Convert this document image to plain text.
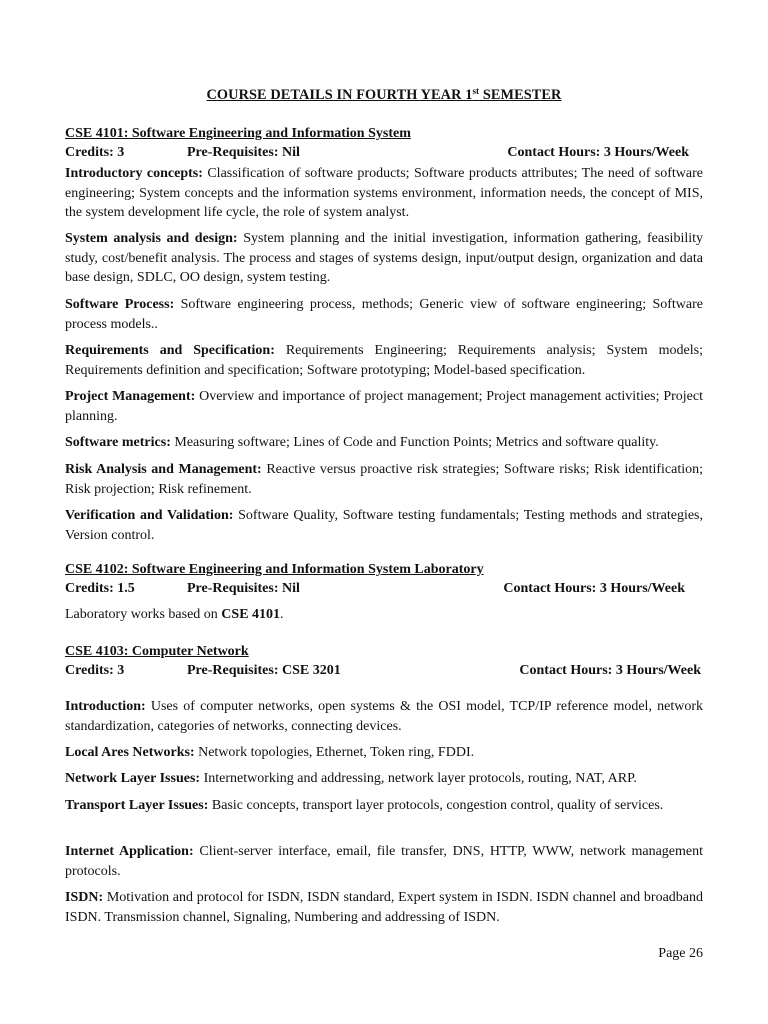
COURSE DETAILS IN FOURTH YEAR 1st SEMESTER
CSE 4101: Software Engineering and Information System
Credits: 3	Pre-Requisites: Nil	Contact Hours: 3 Hours/Week

Introductory concepts: Classification of software products; Software products attributes; The need of software engineering; System concepts and the information systems environment, information needs, the concept of MIS, the system development life cycle, the role of system analyst.

System analysis and design: System planning and the initial investigation, information gathering, feasibility study, cost/benefit analysis. The process and stages of systems design, input/output design, organization and data base design, SDLC, OO design, system testing.

Software Process: Software engineering process, methods; Generic view of software engineering; Software process models..

Requirements and Specification: Requirements Engineering; Requirements analysis; System models; Requirements definition and specification; Software prototyping; Model-based specification.

Project Management: Overview and importance of project management; Project management activities; Project planning.

Software metrics: Measuring software; Lines of Code and Function Points; Metrics and software quality.

Risk Analysis and Management: Reactive versus proactive risk strategies; Software risks; Risk identification; Risk projection; Risk refinement.

Verification and Validation: Software Quality, Software testing fundamentals; Testing methods and strategies, Version control.

CSE 4102: Software Engineering and Information System Laboratory
Credits: 1.5	Pre-Requisites: Nil	Contact Hours: 3 Hours/Week

Laboratory works based on CSE 4101.

CSE 4103: Computer Network
Credits: 3	Pre-Requisites: CSE 3201	Contact Hours: 3 Hours/Week

Introduction: Uses of computer networks, open systems & the OSI model, TCP/IP reference model, network standardization, categories of networks, connecting devices.

Local Ares Networks: Network topologies, Ethernet, Token ring, FDDI.

Network Layer Issues: Internetworking and addressing, network layer protocols, routing, NAT, ARP.

Transport Layer Issues: Basic concepts, transport layer protocols, congestion control, quality of services.

Internet Application: Client-server interface, email, file transfer, DNS, HTTP, WWW, network management protocols.

ISDN: Motivation and protocol for ISDN, ISDN standard, Expert system in ISDN. ISDN channel and broadband ISDN. Transmission channel, Signaling, Numbering and addressing of ISDN.

Page 26
